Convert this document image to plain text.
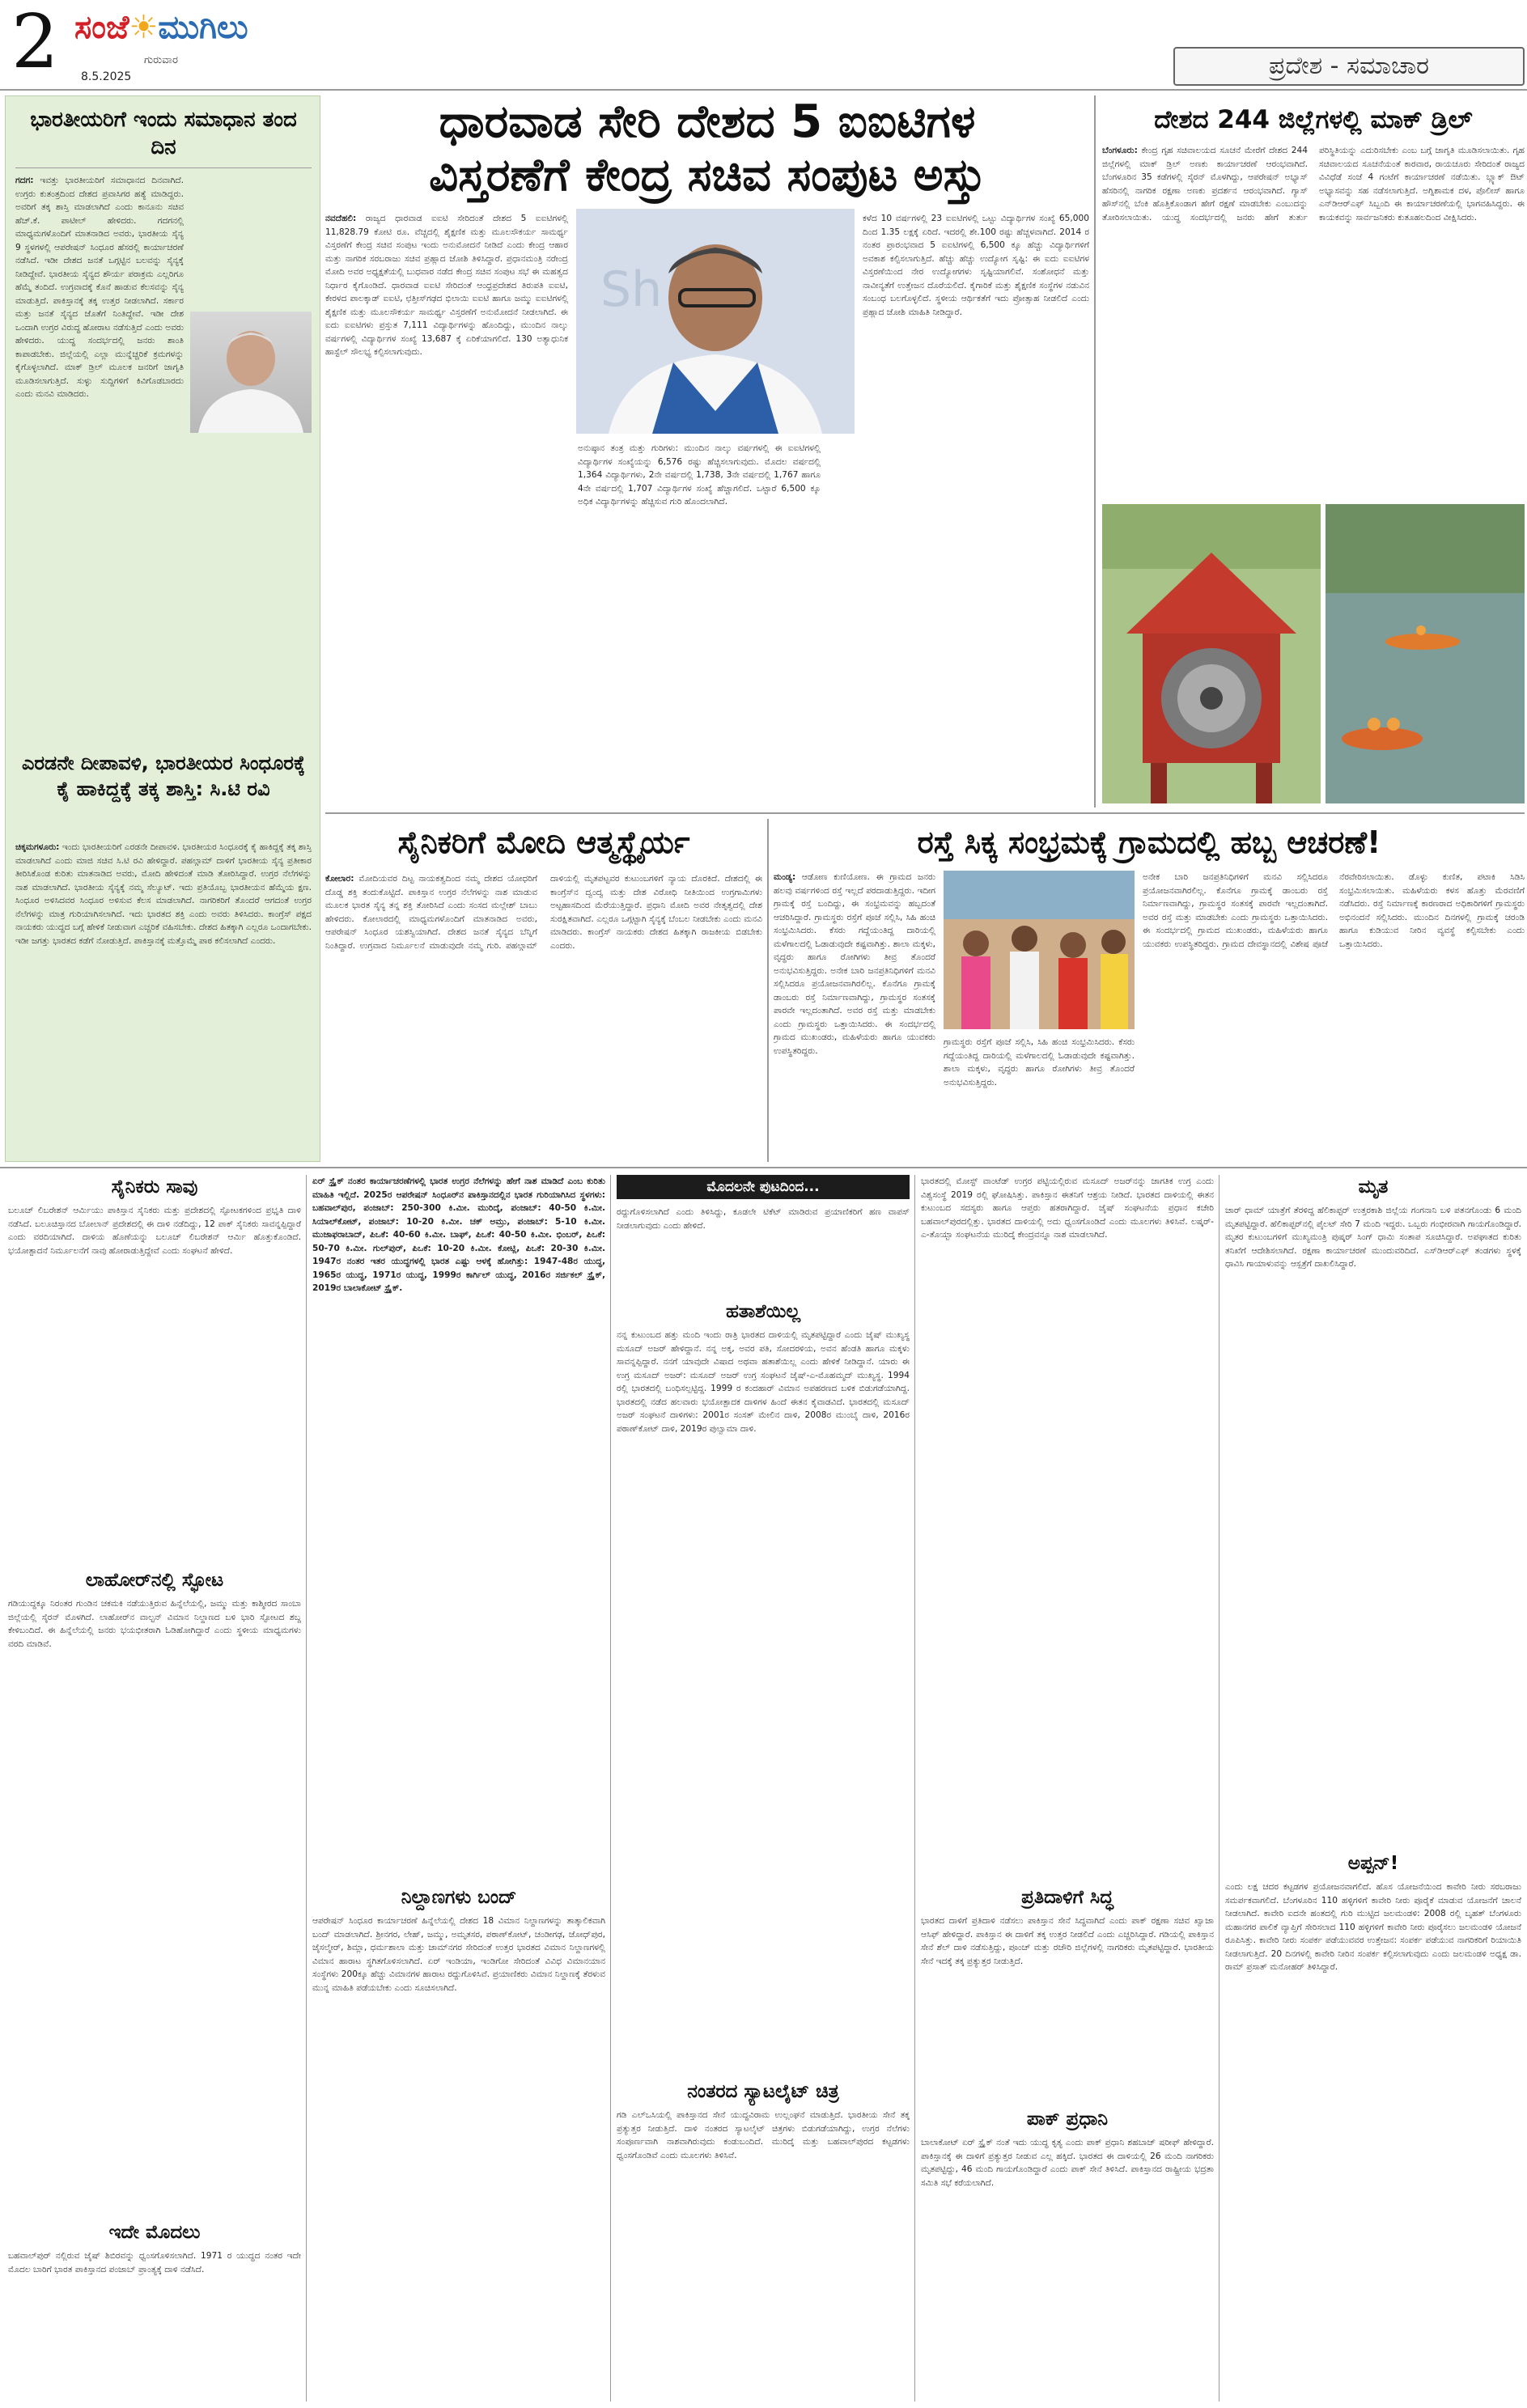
2 ಸಂಜೆ☀ಮುಗಿಲು
ಗುರುವಾರ
8.5.2025	ಪ್ರದೇಶ - ಸಮಾಚಾರ
ಭಾರತೀಯರಿಗೆ ಇಂದು ಸಮಾಧಾನ ತಂದ ದಿನ
ಗದಗ: ಇವತ್ತು ಭಾರತೀಯರಿಗೆ ಸಮಾಧಾನದ ದಿನವಾಗಿದೆ. ಉಗ್ರರು ಕುತಂತ್ರದಿಂದ ದೇಶದ ಪ್ರವಾಸಿಗರ ಹತ್ಯೆ ಮಾಡಿದ್ದರು. ಅವರಿಗೆ ತಕ್ಕ ಶಾಸ್ತಿ ಮಾಡಲಾಗಿದೆ ಎಂದು ಕಾನೂನು ಸಚಿವ ಹೆಚ್.ಕೆ. ಪಾಟೀಲ್ ಹೇಳಿದರು. ಗದಗನಲ್ಲಿ ಮಾಧ್ಯಮಗಳೊಂದಿಗೆ ಮಾತನಾಡಿದ ಅವರು, ಭಾರತೀಯ ಸೈನ್ಯ 9 ಸ್ಥಳಗಳಲ್ಲಿ ಆಪರೇಷನ್ ಸಿಂಧೂರ ಹೆಸರಲ್ಲಿ ಕಾರ್ಯಾಚರಣೆ ನಡೆಸಿದೆ. ಇಡೀ ದೇಶದ ಜನತೆ ಒಗ್ಗಟ್ಟಿನ ಬಲವನ್ನು ಸೈನ್ಯಕ್ಕೆ ನೀಡಿದ್ದೇವೆ. ಭಾರತೀಯ ಸೈನ್ಯದ ಶೌರ್ಯ ಪರಾಕ್ರಮ ಎಲ್ಲರಿಗೂ ಹೆಮ್ಮೆ ತಂದಿದೆ. ಉಗ್ರವಾದಕ್ಕೆ ಕೊನೆ ಹಾಡುವ ಕೆಲಸವನ್ನು ಸೈನ್ಯ ಮಾಡುತ್ತಿದೆ. ಪಾಕಿಸ್ತಾನಕ್ಕೆ ತಕ್ಕ ಉತ್ತರ ನೀಡಲಾಗಿದೆ. ಸರ್ಕಾರ ಮತ್ತು ಜನತೆ ಸೈನ್ಯದ ಜೊತೆಗೆ ನಿಂತಿದ್ದೇವೆ. ಇಡೀ ದೇಶ ಒಂದಾಗಿ ಉಗ್ರರ ವಿರುದ್ಧ ಹೋರಾಟ ನಡೆಸುತ್ತಿದೆ ಎಂದು ಅವರು ಹೇಳಿದರು. ಯುದ್ಧ ಸಂದರ್ಭದಲ್ಲಿ ಜನರು ಶಾಂತಿ ಕಾಪಾಡಬೇಕು. ಜಿಲ್ಲೆಯಲ್ಲಿ ಎಲ್ಲಾ ಮುನ್ನೆಚ್ಚರಿಕೆ ಕ್ರಮಗಳನ್ನು ಕೈಗೊಳ್ಳಲಾಗಿದೆ. ಮಾಕ್ ಡ್ರಿಲ್ ಮೂಲಕ ಜನರಿಗೆ ಜಾಗೃತಿ ಮೂಡಿಸಲಾಗುತ್ತಿದೆ. ಸುಳ್ಳು ಸುದ್ದಿಗಳಿಗೆ ಕಿವಿಗೊಡಬಾರದು ಎಂದು ಮನವಿ ಮಾಡಿದರು.
ಎರಡನೇ ದೀಪಾವಳಿ, ಭಾರತೀಯರ ಸಿಂಧೂರಕ್ಕೆ ಕೈ ಹಾಕಿದ್ದಕ್ಕೆ ತಕ್ಕ ಶಾಸ್ತಿ: ಸಿ.ಟಿ ರವಿ
ಚಿಕ್ಕಮಗಳೂರು: ಇಂದು ಭಾರತೀಯರಿಗೆ ಎರಡನೇ ದೀಪಾವಳಿ. ಭಾರತೀಯರ ಸಿಂಧೂರಕ್ಕೆ ಕೈ ಹಾಕಿದ್ದಕ್ಕೆ ತಕ್ಕ ಶಾಸ್ತಿ ಮಾಡಲಾಗಿದೆ ಎಂದು ಮಾಜಿ ಸಚಿವ ಸಿ.ಟಿ ರವಿ ಹೇಳಿದ್ದಾರೆ. ಪಹಲ್ಗಾಮ್ ದಾಳಿಗೆ ಭಾರತೀಯ ಸೈನ್ಯ ಪ್ರತೀಕಾರ ತೀರಿಸಿಕೊಂಡ ಕುರಿತು ಮಾತನಾಡಿದ ಅವರು, ಮೋದಿ ಹೇಳಿದಂತೆ ಮಾಡಿ ತೋರಿಸಿದ್ದಾರೆ. ಉಗ್ರರ ನೆಲೆಗಳನ್ನು ನಾಶ ಮಾಡಲಾಗಿದೆ. ಭಾರತೀಯ ಸೈನ್ಯಕ್ಕೆ ನಮ್ಮ ಸೆಲ್ಯೂಟ್. ಇದು ಪ್ರತಿಯೊಬ್ಬ ಭಾರತೀಯನ ಹೆಮ್ಮೆಯ ಕ್ಷಣ. ಸಿಂಧೂರ ಅಳಿಸಿದವರ ಸಿಂಧೂರ ಅಳಿಸುವ ಕೆಲಸ ಮಾಡಲಾಗಿದೆ. ನಾಗರಿಕರಿಗೆ ತೊಂದರೆ ಆಗದಂತೆ ಉಗ್ರರ ನೆಲೆಗಳನ್ನು ಮಾತ್ರ ಗುರಿಯಾಗಿಸಲಾಗಿದೆ. ಇದು ಭಾರತದ ಶಕ್ತಿ ಎಂದು ಅವರು ತಿಳಿಸಿದರು. ಕಾಂಗ್ರೆಸ್ ಪಕ್ಷದ ನಾಯಕರು ಯುದ್ಧದ ಬಗ್ಗೆ ಹೇಳಿಕೆ ನೀಡುವಾಗ ಎಚ್ಚರಿಕೆ ವಹಿಸಬೇಕು. ದೇಶದ ಹಿತಕ್ಕಾಗಿ ಎಲ್ಲರೂ ಒಂದಾಗಬೇಕು. ಇಡೀ ಜಗತ್ತು ಭಾರತದ ಕಡೆಗೆ ನೋಡುತ್ತಿದೆ. ಪಾಕಿಸ್ತಾನಕ್ಕೆ ಮತ್ತೊಮ್ಮೆ ಪಾಠ ಕಲಿಸಲಾಗಿದೆ ಎಂದರು.
ಧಾರವಾಡ ಸೇರಿ ದೇಶದ 5 ಐಐಟಿಗಳ
ವಿಸ್ತರಣೆಗೆ ಕೇಂದ್ರ ಸಚಿವ ಸಂಪುಟ ಅಸ್ತು
Sh
ನವದೆಹಲಿ: ರಾಜ್ಯದ ಧಾರವಾಡ ಐಐಟಿ ಸೇರಿದಂತೆ ದೇಶದ 5 ಐಐಟಿಗಳಲ್ಲಿ 11,828.79 ಕೋಟಿ ರೂ. ವೆಚ್ಚದಲ್ಲಿ ಶೈಕ್ಷಣಿಕ ಮತ್ತು ಮೂಲಸೌಕರ್ಯ ಸಾಮರ್ಥ್ಯ ವಿಸ್ತರಣೆಗೆ ಕೇಂದ್ರ ಸಚಿವ ಸಂಪುಟ ಇಂದು ಅನುಮೋದನೆ ನೀಡಿದೆ ಎಂದು ಕೇಂದ್ರ ಆಹಾರ ಮತ್ತು ನಾಗರಿಕ ಸರಬರಾಜು ಸಚಿವ ಪ್ರಹ್ಲಾದ ಜೋಶಿ ತಿಳಿಸಿದ್ದಾರೆ. ಪ್ರಧಾನಮಂತ್ರಿ ನರೇಂದ್ರ ಮೋದಿ ಅವರ ಅಧ್ಯಕ್ಷತೆಯಲ್ಲಿ ಬುಧವಾರ ನಡೆದ ಕೇಂದ್ರ ಸಚಿವ ಸಂಪುಟ ಸಭೆ ಈ ಮಹತ್ವದ ನಿರ್ಧಾರ ಕೈಗೊಂಡಿದೆ. ಧಾರವಾಡ ಐಐಟಿ ಸೇರಿದಂತೆ ಆಂಧ್ರಪ್ರದೇಶದ ತಿರುಪತಿ ಐಐಟಿ, ಕೇರಳದ ಪಾಲಕ್ಕಾಡ್ ಐಐಟಿ, ಛತ್ತೀಸ್‌ಗಢದ ಭಿಲಾಯಿ ಐಐಟಿ ಹಾಗೂ ಜಮ್ಮು ಐಐಟಿಗಳಲ್ಲಿ ಶೈಕ್ಷಣಿಕ ಮತ್ತು ಮೂಲಸೌಕರ್ಯ ಸಾಮರ್ಥ್ಯ ವಿಸ್ತರಣೆಗೆ ಅನುಮೋದನೆ ನೀಡಲಾಗಿದೆ. ಈ ಐದು ಐಐಟಿಗಳು ಪ್ರಸ್ತುತ 7,111 ವಿದ್ಯಾರ್ಥಿಗಳನ್ನು ಹೊಂದಿದ್ದು, ಮುಂದಿನ ನಾಲ್ಕು ವರ್ಷಗಳಲ್ಲಿ ವಿದ್ಯಾರ್ಥಿಗಳ ಸಂಖ್ಯೆ 13,687 ಕ್ಕೆ ಏರಿಕೆಯಾಗಲಿದೆ. 130 ಅತ್ಯಾಧುನಿಕ ಹಾಸ್ಟೆಲ್ ಸೌಲಭ್ಯ ಕಲ್ಪಿಸಲಾಗುವುದು.
ಅನುಷ್ಠಾನ ತಂತ್ರ ಮತ್ತು ಗುರಿಗಳು: ಮುಂದಿನ ನಾಲ್ಕು ವರ್ಷಗಳಲ್ಲಿ ಈ ಐಐಟಿಗಳಲ್ಲಿ ವಿದ್ಯಾರ್ಥಿಗಳ ಸಂಖ್ಯೆಯನ್ನು 6,576 ರಷ್ಟು ಹೆಚ್ಚಿಸಲಾಗುವುದು. ಮೊದಲ ವರ್ಷದಲ್ಲಿ 1,364 ವಿದ್ಯಾರ್ಥಿಗಳು, 2ನೇ ವರ್ಷದಲ್ಲಿ 1,738, 3ನೇ ವರ್ಷದಲ್ಲಿ 1,767 ಹಾಗೂ 4ನೇ ವರ್ಷದಲ್ಲಿ 1,707 ವಿದ್ಯಾರ್ಥಿಗಳ ಸಂಖ್ಯೆ ಹೆಚ್ಚಾಗಲಿದೆ. ಒಟ್ಟಾರೆ 6,500 ಕ್ಕೂ ಅಧಿಕ ವಿದ್ಯಾರ್ಥಿಗಳನ್ನು ಹೆಚ್ಚಿಸುವ ಗುರಿ ಹೊಂದಲಾಗಿದೆ.
ಕಳೆದ 10 ವರ್ಷಗಳಲ್ಲಿ 23 ಐಐಟಿಗಳಲ್ಲಿ ಒಟ್ಟು ವಿದ್ಯಾರ್ಥಿಗಳ ಸಂಖ್ಯೆ 65,000 ದಿಂದ 1.35 ಲಕ್ಷಕ್ಕೆ ಏರಿದೆ. ಇದರಲ್ಲಿ ಶೇ.100 ರಷ್ಟು ಹೆಚ್ಚಳವಾಗಿದೆ. 2014 ರ ನಂತರ ಪ್ರಾರಂಭವಾದ 5 ಐಐಟಿಗಳಲ್ಲಿ 6,500 ಕ್ಕೂ ಹೆಚ್ಚು ವಿದ್ಯಾರ್ಥಿಗಳಿಗೆ ಅವಕಾಶ ಕಲ್ಪಿಸಲಾಗುತ್ತಿದೆ. ಹೆಚ್ಚು ಹೆಚ್ಚು ಉದ್ಯೋಗ ಸೃಷ್ಟಿ: ಈ ಐದು ಐಐಟಿಗಳ ವಿಸ್ತರಣೆಯಿಂದ ನೇರ ಉದ್ಯೋಗಗಳು ಸೃಷ್ಟಿಯಾಗಲಿವೆ. ಸಂಶೋಧನೆ ಮತ್ತು ನಾವೀನ್ಯತೆಗೆ ಉತ್ತೇಜನ ದೊರೆಯಲಿದೆ. ಕೈಗಾರಿಕೆ ಮತ್ತು ಶೈಕ್ಷಣಿಕ ಸಂಸ್ಥೆಗಳ ನಡುವಿನ ಸಂಬಂಧ ಬಲಗೊಳ್ಳಲಿದೆ. ಸ್ಥಳೀಯ ಆರ್ಥಿಕತೆಗೆ ಇದು ಪ್ರೋತ್ಸಾಹ ನೀಡಲಿದೆ ಎಂದು ಪ್ರಹ್ಲಾದ ಜೋಶಿ ಮಾಹಿತಿ ನೀಡಿದ್ದಾರೆ.
ದೇಶದ 244 ಜಿಲ್ಲೆಗಳಲ್ಲಿ ಮಾಕ್ ಡ್ರಿಲ್
ಬೆಂಗಳೂರು: ಕೇಂದ್ರ ಗೃಹ ಸಚಿವಾಲಯದ ಸೂಚನೆ ಮೇರೆಗೆ ದೇಶದ 244 ಜಿಲ್ಲೆಗಳಲ್ಲಿ ಮಾಕ್ ಡ್ರಿಲ್ ಅಣಕು ಕಾರ್ಯಾಚರಣೆ ಆರಂಭವಾಗಿದೆ. ಬೆಂಗಳೂರಿನ 35 ಕಡೆಗಳಲ್ಲಿ ಸೈರನ್ ಮೊಳಗಿದ್ದು, ಆಪರೇಷನ್ ಅಭ್ಯಾಸ್ ಹೆಸರಿನಲ್ಲಿ ನಾಗರಿಕ ರಕ್ಷಣಾ ಅಣಕು ಪ್ರದರ್ಶನ ಆರಂಭವಾಗಿದೆ. ಗ್ಯಾಸ್ ಹೌಸ್‌ನಲ್ಲಿ ಬೆಂಕಿ ಹೊತ್ತಿಕೊಂಡಾಗ ಹೇಗೆ ರಕ್ಷಣೆ ಮಾಡಬೇಕು ಎಂಬುದನ್ನು ತೋರಿಸಲಾಯಿತು. ಯುದ್ಧ ಸಂದರ್ಭದಲ್ಲಿ ಜನರು ಹೇಗೆ ತುರ್ತು ಪರಿಸ್ಥಿತಿಯನ್ನು ಎದುರಿಸಬೇಕು ಎಂಬ ಬಗ್ಗೆ ಜಾಗೃತಿ ಮೂಡಿಸಲಾಯಿತು. ಗೃಹ ಸಚಿವಾಲಯದ ಸೂಚನೆಯಂತೆ ಕಾರವಾರ, ರಾಯಚೂರು ಸೇರಿದಂತೆ ರಾಜ್ಯದ ವಿವಿಧೆಡೆ ಸಂಜೆ 4 ಗಂಟೆಗೆ ಕಾರ್ಯಾಚರಣೆ ನಡೆಯಿತು. ಬ್ಲ್ಯಾಕ್ ಔಟ್ ಅಭ್ಯಾಸವನ್ನು ಸಹ ನಡೆಸಲಾಗುತ್ತಿದೆ. ಅಗ್ನಿಶಾಮಕ ದಳ, ಪೊಲೀಸ್ ಹಾಗೂ ಎನ್‌ಡಿಆರ್‌ಎಫ್ ಸಿಬ್ಬಂದಿ ಈ ಕಾರ್ಯಾಚರಣೆಯಲ್ಲಿ ಭಾಗವಹಿಸಿದ್ದರು. ಈ ಕಾಯಕವನ್ನು ಸಾರ್ವಜನಿಕರು ಕುತೂಹಲದಿಂದ ವೀಕ್ಷಿಸಿದರು.
ಸೈನಿಕರಿಗೆ ಮೋದಿ ಆತ್ಮಸ್ಥೈರ್ಯ
ಕೋಲಾರ: ಮೋದಿಯವರ ದಿಟ್ಟ ನಾಯಕತ್ವದಿಂದ ನಮ್ಮ ದೇಶದ ಯೋಧರಿಗೆ ದೊಡ್ಡ ಶಕ್ತಿ ತಂದುಕೊಟ್ಟಿದೆ. ಪಾಕಿಸ್ತಾನ ಉಗ್ರರ ನೆಲೆಗಳನ್ನು ನಾಶ ಮಾಡುವ ಮೂಲಕ ಭಾರತ ಸೈನ್ಯ ತನ್ನ ಶಕ್ತಿ ತೋರಿಸಿದೆ ಎಂದು ಸಂಸದ ಮಲ್ಲೇಶ್ ಬಾಬು ಹೇಳಿದರು. ಕೋಲಾರದಲ್ಲಿ ಮಾಧ್ಯಮಗಳೊಂದಿಗೆ ಮಾತನಾಡಿದ ಅವರು, ಆಪರೇಷನ್ ಸಿಂಧೂರ ಯಶಸ್ವಿಯಾಗಿದೆ. ದೇಶದ ಜನತೆ ಸೈನ್ಯದ ಬೆನ್ನಿಗೆ ನಿಂತಿದ್ದಾರೆ. ಉಗ್ರವಾದ ನಿರ್ಮೂಲನೆ ಮಾಡುವುದೇ ನಮ್ಮ ಗುರಿ. ಪಹಲ್ಗಾಮ್ ದಾಳಿಯಲ್ಲಿ ಮೃತಪಟ್ಟವರ ಕುಟುಂಬಗಳಿಗೆ ನ್ಯಾಯ ದೊರಕಿದೆ. ದೇಶದಲ್ಲಿ ಈ ಕಾಂಗ್ರೆಸ್‌ನ ದ್ವಂದ್ವ ಮತ್ತು ದೇಶ ವಿರೋಧಿ ನೀತಿಯಿಂದ ಉಗ್ರಗಾಮಿಗಳು ಅಟ್ಟಹಾಸದಿಂದ ಮೆರೆಯುತ್ತಿದ್ದಾರೆ. ಪ್ರಧಾನಿ ಮೋದಿ ಅವರ ನೇತೃತ್ವದಲ್ಲಿ ದೇಶ ಸುರಕ್ಷಿತವಾಗಿದೆ. ಎಲ್ಲರೂ ಒಗ್ಗಟ್ಟಾಗಿ ಸೈನ್ಯಕ್ಕೆ ಬೆಂಬಲ ನೀಡಬೇಕು ಎಂದು ಮನವಿ ಮಾಡಿದರು. ಕಾಂಗ್ರೆಸ್ ನಾಯಕರು ದೇಶದ ಹಿತಕ್ಕಾಗಿ ರಾಜಕೀಯ ಬಿಡಬೇಕು ಎಂದರು.
ರಸ್ತೆ ಸಿಕ್ಕ ಸಂಭ್ರಮಕ್ಕೆ ಗ್ರಾಮದಲ್ಲಿ ಹಬ್ಬ ಆಚರಣೆ!
ಮಂಡ್ಯ: ಆಡೋಣ ಕುಣಿಯೋಣ. ಈ ಗ್ರಾಮದ ಜನರು ಹಲವು ವರ್ಷಗಳಿಂದ ರಸ್ತೆ ಇಲ್ಲದೆ ಪರದಾಡುತ್ತಿದ್ದರು. ಇದೀಗ ಗ್ರಾಮಕ್ಕೆ ರಸ್ತೆ ಬಂದಿದ್ದು, ಈ ಸಂಭ್ರಮವನ್ನು ಹಬ್ಬದಂತೆ ಆಚರಿಸಿದ್ದಾರೆ. ಗ್ರಾಮಸ್ಥರು ರಸ್ತೆಗೆ ಪೂಜೆ ಸಲ್ಲಿಸಿ, ಸಿಹಿ ಹಂಚಿ ಸಂಭ್ರಮಿಸಿದರು. ಕೆಸರು ಗದ್ದೆಯಂತಿದ್ದ ದಾರಿಯಲ್ಲಿ ಮಳೆಗಾಲದಲ್ಲಿ ಓಡಾಡುವುದೇ ಕಷ್ಟವಾಗಿತ್ತು. ಶಾಲಾ ಮಕ್ಕಳು, ವೃದ್ಧರು ಹಾಗೂ ರೋಗಿಗಳು ತೀವ್ರ ತೊಂದರೆ ಅನುಭವಿಸುತ್ತಿದ್ದರು. ಅನೇಕ ಬಾರಿ ಜನಪ್ರತಿನಿಧಿಗಳಿಗೆ ಮನವಿ ಸಲ್ಲಿಸಿದರೂ ಪ್ರಯೋಜನವಾಗಿರಲಿಲ್ಲ. ಕೊನೆಗೂ ಗ್ರಾಮಕ್ಕೆ ಡಾಂಬರು ರಸ್ತೆ ನಿರ್ಮಾಣವಾಗಿದ್ದು, ಗ್ರಾಮಸ್ಥರ ಸಂತಸಕ್ಕೆ ಪಾರವೇ ಇಲ್ಲದಂತಾಗಿದೆ. ಅವರ ರಸ್ತೆ ಮತ್ತು ಮಾಡಬೇಕು ಎಂದು ಗ್ರಾಮಸ್ಥರು ಒತ್ತಾಯಿಸಿದರು. ಈ ಸಂದರ್ಭದಲ್ಲಿ ಗ್ರಾಮದ ಮುಖಂಡರು, ಮಹಿಳೆಯರು ಹಾಗೂ ಯುವಕರು ಉಪಸ್ಥಿತರಿದ್ದರು.
ಗ್ರಾಮಸ್ಥರು ರಸ್ತೆಗೆ ಪೂಜೆ ಸಲ್ಲಿಸಿ, ಸಿಹಿ ಹಂಚಿ ಸಂಭ್ರಮಿಸಿದರು. ಕೆಸರು ಗದ್ದೆಯಂತಿದ್ದ ದಾರಿಯಲ್ಲಿ ಮಳೆಗಾಲದಲ್ಲಿ ಓಡಾಡುವುದೇ ಕಷ್ಟವಾಗಿತ್ತು. ಶಾಲಾ ಮಕ್ಕಳು, ವೃದ್ಧರು ಹಾಗೂ ರೋಗಿಗಳು ತೀವ್ರ ತೊಂದರೆ ಅನುಭವಿಸುತ್ತಿದ್ದರು.
ಅನೇಕ ಬಾರಿ ಜನಪ್ರತಿನಿಧಿಗಳಿಗೆ ಮನವಿ ಸಲ್ಲಿಸಿದರೂ ಪ್ರಯೋಜನವಾಗಿರಲಿಲ್ಲ. ಕೊನೆಗೂ ಗ್ರಾಮಕ್ಕೆ ಡಾಂಬರು ರಸ್ತೆ ನಿರ್ಮಾಣವಾಗಿದ್ದು, ಗ್ರಾಮಸ್ಥರ ಸಂತಸಕ್ಕೆ ಪಾರವೇ ಇಲ್ಲದಂತಾಗಿದೆ. ಅವರ ರಸ್ತೆ ಮತ್ತು ಮಾಡಬೇಕು ಎಂದು ಗ್ರಾಮಸ್ಥರು ಒತ್ತಾಯಿಸಿದರು. ಈ ಸಂದರ್ಭದಲ್ಲಿ ಗ್ರಾಮದ ಮುಖಂಡರು, ಮಹಿಳೆಯರು ಹಾಗೂ ಯುವಕರು ಉಪಸ್ಥಿತರಿದ್ದರು. ಗ್ರಾಮದ ದೇವಸ್ಥಾನದಲ್ಲಿ ವಿಶೇಷ ಪೂಜೆ ನೆರವೇರಿಸಲಾಯಿತು. ಡೊಳ್ಳು ಕುಣಿತ, ಪಟಾಕಿ ಸಿಡಿಸಿ ಸಂಭ್ರಮಿಸಲಾಯಿತು. ಮಹಿಳೆಯರು ಕಳಸ ಹೊತ್ತು ಮೆರವಣಿಗೆ ನಡೆಸಿದರು. ರಸ್ತೆ ನಿರ್ಮಾಣಕ್ಕೆ ಕಾರಣರಾದ ಅಧಿಕಾರಿಗಳಿಗೆ ಗ್ರಾಮಸ್ಥರು ಅಭಿನಂದನೆ ಸಲ್ಲಿಸಿದರು. ಮುಂದಿನ ದಿನಗಳಲ್ಲಿ ಗ್ರಾಮಕ್ಕೆ ಚರಂಡಿ ಹಾಗೂ ಕುಡಿಯುವ ನೀರಿನ ವ್ಯವಸ್ಥೆ ಕಲ್ಪಿಸಬೇಕು ಎಂದು ಒತ್ತಾಯಿಸಿದರು.
ಸೈನಿಕರು ಸಾವು
ಬಲೂಚ್ ಲಿಬರೇಶನ್ ಆರ್ಮಿಯು ಪಾಕಿಸ್ತಾನ ಸೈನಿಕರು ಮತ್ತು ಪ್ರದೇಶದಲ್ಲಿ ಸ್ಫೋಟಕಗಳಿಂದ ಪ್ರಭೃತಿ ದಾಳಿ ನಡೆಸಿದೆ. ಬಲೂಚಿಸ್ತಾನದ ಬೋಲಾನ್ ಪ್ರದೇಶದಲ್ಲಿ ಈ ದಾಳಿ ನಡೆದಿದ್ದು, 12 ಪಾಕ್ ಸೈನಿಕರು ಸಾವನ್ನಪ್ಪಿದ್ದಾರೆ ಎಂದು ವರದಿಯಾಗಿದೆ. ದಾಳಿಯ ಹೊಣೆಯನ್ನು ಬಲೂಚ್ ಲಿಬರೇಶನ್ ಆರ್ಮಿ ಹೊತ್ತುಕೊಂಡಿದೆ. ಭಯೋತ್ಪಾದನೆ ನಿರ್ಮೂಲನೆಗೆ ನಾವು ಹೋರಾಡುತ್ತಿದ್ದೇವೆ ಎಂದು ಸಂಘಟನೆ ಹೇಳಿದೆ.
ಲಾಹೋರ್‌ನಲ್ಲಿ ಸ್ಫೋಟ
ಗಡಿಯುದ್ದಕ್ಕೂ ನಿರಂತರ ಗುಂಡಿನ ಚಕಮಕಿ ನಡೆಯುತ್ತಿರುವ ಹಿನ್ನೆಲೆಯಲ್ಲಿ, ಜಮ್ಮು ಮತ್ತು ಕಾಶ್ಮೀರದ ಸಾಂಬಾ ಜಿಲ್ಲೆಯಲ್ಲಿ ಸೈರನ್ ಮೊಳಗಿದೆ. ಲಾಹೋರ್‌ನ ವಾಲ್ಟನ್ ವಿಮಾನ ನಿಲ್ದಾಣದ ಬಳಿ ಭಾರಿ ಸ್ಫೋಟದ ಶಬ್ದ ಕೇಳಿಬಂದಿದೆ. ಈ ಹಿನ್ನೆಲೆಯಲ್ಲಿ ಜನರು ಭಯಭೀತರಾಗಿ ಓಡಿಹೋಗಿದ್ದಾರೆ ಎಂದು ಸ್ಥಳೀಯ ಮಾಧ್ಯಮಗಳು ವರದಿ ಮಾಡಿವೆ.
ಇದೇ ಮೊದಲು
ಬಹವಾಲ್‌ಪುರ್ ನಲ್ಲಿರುವ ಜೈಷ್ ಶಿಬಿರವನ್ನು ಧ್ವಂಸಗೊಳಿಸಲಾಗಿದೆ. 1971 ರ ಯುದ್ಧದ ನಂತರ ಇದೇ ಮೊದಲ ಬಾರಿಗೆ ಭಾರತ ಪಾಕಿಸ್ತಾನದ ಪಂಜಾಬ್ ಪ್ರಾಂತ್ಯಕ್ಕೆ ದಾಳಿ ನಡೆಸಿದೆ.
ಏರ್ ಸ್ಟ್ರೈಕ್ ನಂತರ ಕಾರ್ಯಾಚರಣೆಗಳಲ್ಲಿ ಭಾರತ ಉಗ್ರರ ನೆಲೆಗಳನ್ನು ಹೇಗೆ ನಾಶ ಮಾಡಿದೆ ಎಂಬ ಕುರಿತು ಮಾಹಿತಿ ಇಲ್ಲಿದೆ. 2025ರ ಆಪರೇಷನ್ ಸಿಂಧೂರ್‌ನ ಪಾಕಿಸ್ತಾನದಲ್ಲಿನ ಭಾರತ ಗುರಿಯಾಗಿಸಿದ ಸ್ಥಳಗಳು: ಬಹವಾಲ್‌ಪುರ, ಪಂಜಾಬ್: 250-300 ಕಿ.ಮೀ. ಮುರಿದ್ಕೆ, ಪಂಜಾಬ್: 40-50 ಕಿ.ಮೀ. ಸಿಯಾಲ್‌ಕೋಟ್, ಪಂಜಾಬ್: 10-20 ಕಿ.ಮೀ. ಚಕ್ ಅಮ್ರು, ಪಂಜಾಬ್: 5-10 ಕಿ.ಮೀ. ಮುಜಾಫರಾಬಾದ್, ಪಿಒಕೆ: 40-60 ಕಿ.ಮೀ. ಬಾಘ್, ಪಿಒಕೆ: 40-50 ಕಿ.ಮೀ. ಭಿಂಬರ್, ಪಿಒಕೆ: 50-70 ಕಿ.ಮೀ. ಗುಲ್‌ಪುರ್, ಪಿಒಕೆ: 10-20 ಕಿ.ಮೀ. ಕೋಟ್ಲಿ, ಪಿಒಕೆ: 20-30 ಕಿ.ಮೀ. 1947ರ ನಂತರ ಇತರ ಯುದ್ಧಗಳಲ್ಲಿ ಭಾರತ ಎಷ್ಟು ಆಳಕ್ಕೆ ಹೋಗಿತ್ತು: 1947-48ರ ಯುದ್ಧ, 1965ರ ಯುದ್ಧ, 1971ರ ಯುದ್ಧ, 1999ರ ಕಾರ್ಗಿಲ್ ಯುದ್ಧ, 2016ರ ಸರ್ಜಿಕಲ್ ಸ್ಟ್ರೈಕ್, 2019ರ ಬಾಲಾಕೋಟ್ ಸ್ಟ್ರೈಕ್.
ನಿಲ್ದಾಣಗಳು ಬಂದ್
ಆಪರೇಷನ್ ಸಿಂಧೂರ ಕಾರ್ಯಾಚರಣೆ ಹಿನ್ನೆಲೆಯಲ್ಲಿ ದೇಶದ 18 ವಿಮಾನ ನಿಲ್ದಾಣಗಳನ್ನು ತಾತ್ಕಾಲಿಕವಾಗಿ ಬಂದ್ ಮಾಡಲಾಗಿದೆ. ಶ್ರೀನಗರ, ಲೇಹ್, ಜಮ್ಮು, ಅಮೃತಸರ, ಪಠಾಣ್‌ಕೋಟ್, ಚಂಡೀಗಢ, ಜೋಧ್‌ಪುರ, ಜೈಸಲ್ಮೇರ್, ಶಿಮ್ಲಾ, ಧರ್ಮಶಾಲಾ ಮತ್ತು ಜಾಮ್‌ನಗರ ಸೇರಿದಂತೆ ಉತ್ತರ ಭಾರತದ ವಿಮಾನ ನಿಲ್ದಾಣಗಳಲ್ಲಿ ವಿಮಾನ ಹಾರಾಟ ಸ್ಥಗಿತಗೊಳಿಸಲಾಗಿದೆ. ಏರ್ ಇಂಡಿಯಾ, ಇಂಡಿಗೋ ಸೇರಿದಂತೆ ವಿವಿಧ ವಿಮಾನಯಾನ ಸಂಸ್ಥೆಗಳು 200ಕ್ಕೂ ಹೆಚ್ಚು ವಿಮಾನಗಳ ಹಾರಾಟ ರದ್ದುಗೊಳಿಸಿವೆ. ಪ್ರಯಾಣಿಕರು ವಿಮಾನ ನಿಲ್ದಾಣಕ್ಕೆ ತೆರಳುವ ಮುನ್ನ ಮಾಹಿತಿ ಪಡೆಯಬೇಕು ಎಂದು ಸೂಚಿಸಲಾಗಿದೆ.
ಮೊದಲನೇ ಪುಟದಿಂದ...
ರದ್ದುಗೊಳಿಸಲಾಗಿದೆ ಎಂದು ತಿಳಿಸಿದ್ದು, ಕೂಡಲೇ ಟಿಕೆಟ್ ಮಾಡಿರುವ ಪ್ರಯಾಣಿಕರಿಗೆ ಹಣ ವಾಪಸ್ ನೀಡಲಾಗುವುದು ಎಂದು ಹೇಳಿದೆ.
ಹತಾಶೆಯಿಲ್ಲ
ನನ್ನ ಕುಟುಂಬದ ಹತ್ತು ಮಂದಿ ಇಂದು ರಾತ್ರಿ ಭಾರತದ ದಾಳಿಯಲ್ಲಿ ಮೃತಪಟ್ಟಿದ್ದಾರೆ ಎಂದು ಜೈಷ್ ಮುಖ್ಯಸ್ಥ ಮಸೂದ್ ಅಜರ್ ಹೇಳಿದ್ದಾನೆ. ನನ್ನ ಅಕ್ಕ, ಅವರ ಪತಿ, ಸೋದರಳಿಯ, ಅವನ ಹೆಂಡತಿ ಹಾಗೂ ಮಕ್ಕಳು ಸಾವನ್ನಪ್ಪಿದ್ದಾರೆ. ನನಗೆ ಯಾವುದೇ ವಿಷಾದ ಅಥವಾ ಹತಾಶೆಯಿಲ್ಲ ಎಂದು ಹೇಳಿಕೆ ನೀಡಿದ್ದಾನೆ. ಯಾರು ಈ ಉಗ್ರ ಮಸೂದ್ ಅಜರ್: ಮಸೂದ್ ಅಜರ್ ಉಗ್ರ ಸಂಘಟನೆ ಜೈಷ್-ಎ-ಮೊಹಮ್ಮದ್ ಮುಖ್ಯಸ್ಥ. 1994 ರಲ್ಲಿ ಭಾರತದಲ್ಲಿ ಬಂಧಿಸಲ್ಪಟ್ಟಿದ್ದ. 1999 ರ ಕಂದಹಾರ್ ವಿಮಾನ ಅಪಹರಣದ ಬಳಿಕ ಬಿಡುಗಡೆಯಾಗಿದ್ದ. ಭಾರತದಲ್ಲಿ ನಡೆದ ಹಲವಾರು ಭಯೋತ್ಪಾದಕ ದಾಳಿಗಳ ಹಿಂದೆ ಈತನ ಕೈವಾಡವಿದೆ. ಭಾರತದಲ್ಲಿ ಮಸೂದ್ ಅಜರ್ ಸಂಘಟನೆ ದಾಳಿಗಳು: 2001ರ ಸಂಸತ್ ಮೇಲಿನ ದಾಳಿ, 2008ರ ಮುಂಬೈ ದಾಳಿ, 2016ರ ಪಠಾಣ್‌ಕೋಟ್ ದಾಳಿ, 2019ರ ಪುಲ್ವಾಮಾ ದಾಳಿ.
ನಂತರದ ಸ್ಯಾಟಲೈಟ್ ಚಿತ್ರ
ಗಡಿ ಎಲ್‌ಒಸಿಯಲ್ಲಿ ಪಾಕಿಸ್ತಾನದ ಸೇನೆ ಯುದ್ಧವಿರಾಮ ಉಲ್ಲಂಘನೆ ಮಾಡುತ್ತಿದೆ. ಭಾರತೀಯ ಸೇನೆ ತಕ್ಕ ಪ್ರತ್ಯುತ್ತರ ನೀಡುತ್ತಿದೆ. ದಾಳಿ ನಂತರದ ಸ್ಯಾಟಲೈಟ್ ಚಿತ್ರಗಳು ಬಿಡುಗಡೆಯಾಗಿದ್ದು, ಉಗ್ರರ ನೆಲೆಗಳು ಸಂಪೂರ್ಣವಾಗಿ ನಾಶವಾಗಿರುವುದು ಕಂಡುಬಂದಿದೆ. ಮುರಿದ್ಕೆ ಮತ್ತು ಬಹವಾಲ್‌ಪುರದ ಕಟ್ಟಡಗಳು ಧ್ವಂಸಗೊಂಡಿವೆ ಎಂದು ಮೂಲಗಳು ತಿಳಿಸಿವೆ.
ಭಾರತದಲ್ಲಿ ಮೋಸ್ಟ್ ವಾಂಟೆಡ್ ಉಗ್ರರ ಪಟ್ಟಿಯಲ್ಲಿರುವ ಮಸೂದ್ ಅಜರ್‌ನನ್ನು ಜಾಗತಿಕ ಉಗ್ರ ಎಂದು ವಿಶ್ವಸಂಸ್ಥೆ 2019 ರಲ್ಲಿ ಘೋಷಿಸಿತ್ತು. ಪಾಕಿಸ್ತಾನ ಈತನಿಗೆ ಆಶ್ರಯ ನೀಡಿದೆ. ಭಾರತದ ದಾಳಿಯಲ್ಲಿ ಈತನ ಕುಟುಂಬದ ಸದಸ್ಯರು ಹಾಗೂ ಆಪ್ತರು ಹತರಾಗಿದ್ದಾರೆ. ಜೈಷ್ ಸಂಘಟನೆಯ ಪ್ರಧಾನ ಕಚೇರಿ ಬಹವಾಲ್‌ಪುರದಲ್ಲಿತ್ತು. ಭಾರತದ ದಾಳಿಯಲ್ಲಿ ಅದು ಧ್ವಂಸಗೊಂಡಿದೆ ಎಂದು ಮೂಲಗಳು ತಿಳಿಸಿವೆ. ಲಷ್ಕರ್-ಎ-ತೊಯ್ಬಾ ಸಂಘಟನೆಯ ಮುರಿದ್ಕೆ ಕೇಂದ್ರವನ್ನೂ ನಾಶ ಮಾಡಲಾಗಿದೆ.
ಪ್ರತಿದಾಳಿಗೆ ಸಿದ್ಧ
ಭಾರತದ ದಾಳಿಗೆ ಪ್ರತಿದಾಳಿ ನಡೆಸಲು ಪಾಕಿಸ್ತಾನ ಸೇನೆ ಸಿದ್ಧವಾಗಿದೆ ಎಂದು ಪಾಕ್ ರಕ್ಷಣಾ ಸಚಿವ ಖ್ವಾಜಾ ಆಸಿಫ್ ಹೇಳಿದ್ದಾರೆ. ಪಾಕಿಸ್ತಾನ ಈ ದಾಳಿಗೆ ತಕ್ಕ ಉತ್ತರ ನೀಡಲಿದೆ ಎಂದು ಎಚ್ಚರಿಸಿದ್ದಾರೆ. ಗಡಿಯಲ್ಲಿ ಪಾಕಿಸ್ತಾನ ಸೇನೆ ಶೆಲ್ ದಾಳಿ ನಡೆಸುತ್ತಿದ್ದು, ಪೂಂಚ್ ಮತ್ತು ರಜೌರಿ ಜಿಲ್ಲೆಗಳಲ್ಲಿ ನಾಗರಿಕರು ಮೃತಪಟ್ಟಿದ್ದಾರೆ. ಭಾರತೀಯ ಸೇನೆ ಇದಕ್ಕೆ ತಕ್ಕ ಪ್ರತ್ಯುತ್ತರ ನೀಡುತ್ತಿದೆ.
ಪಾಕ್ ಪ್ರಧಾನಿ
ಬಾಲಾಕೋಟ್ ಏರ್ ಸ್ಟ್ರೈಕ್ ನಂತೆ ಇದು ಯುದ್ಧ ಕೃತ್ಯ ಎಂದು ಪಾಕ್ ಪ್ರಧಾನಿ ಶಹಬಾಜ್ ಷರೀಫ್ ಹೇಳಿದ್ದಾರೆ. ಪಾಕಿಸ್ತಾನಕ್ಕೆ ಈ ದಾಳಿಗೆ ಪ್ರತ್ಯುತ್ತರ ನೀಡುವ ಎಲ್ಲ ಹಕ್ಕಿದೆ. ಭಾರತದ ಈ ದಾಳಿಯಲ್ಲಿ 26 ಮಂದಿ ನಾಗರಿಕರು ಮೃತಪಟ್ಟಿದ್ದು, 46 ಮಂದಿ ಗಾಯಗೊಂಡಿದ್ದಾರೆ ಎಂದು ಪಾಕ್ ಸೇನೆ ತಿಳಿಸಿದೆ. ಪಾಕಿಸ್ತಾನದ ರಾಷ್ಟ್ರೀಯ ಭದ್ರತಾ ಸಮಿತಿ ಸಭೆ ಕರೆಯಲಾಗಿದೆ.
ಮೃತ
ಚಾರ್ ಧಾಮ್ ಯಾತ್ರೆಗೆ ತೆರಳಿದ್ದ ಹೆಲಿಕಾಪ್ಟರ್ ಉತ್ತರಕಾಶಿ ಜಿಲ್ಲೆಯ ಗಂಗನಾನಿ ಬಳಿ ಪತನಗೊಂಡು 6 ಮಂದಿ ಮೃತಪಟ್ಟಿದ್ದಾರೆ. ಹೆಲಿಕಾಪ್ಟರ್‌ನಲ್ಲಿ ಪೈಲಟ್ ಸೇರಿ 7 ಮಂದಿ ಇದ್ದರು. ಒಬ್ಬರು ಗಂಭೀರವಾಗಿ ಗಾಯಗೊಂಡಿದ್ದಾರೆ. ಮೃತರ ಕುಟುಂಬಗಳಿಗೆ ಮುಖ್ಯಮಂತ್ರಿ ಪುಷ್ಕರ್ ಸಿಂಗ್ ಧಾಮಿ ಸಂತಾಪ ಸೂಚಿಸಿದ್ದಾರೆ. ಅಪಘಾತದ ಕುರಿತು ತನಿಖೆಗೆ ಆದೇಶಿಸಲಾಗಿದೆ. ರಕ್ಷಣಾ ಕಾರ್ಯಾಚರಣೆ ಮುಂದುವರಿದಿದೆ. ಎಸ್‌ಡಿಆರ್‌ಎಫ್ ತಂಡಗಳು ಸ್ಥಳಕ್ಕೆ ಧಾವಿಸಿ ಗಾಯಾಳುವನ್ನು ಆಸ್ಪತ್ರೆಗೆ ದಾಖಲಿಸಿದ್ದಾರೆ.
ಅಪ್ಪನ್!
ಎಂದು ಲಕ್ಷ ಚದರ ಕಟ್ಟಡಗಳ ಪ್ರಯೋಜನವಾಗಲಿದೆ. ಹೊಸ ಯೋಜನೆಯಿಂದ ಕಾವೇರಿ ನೀರು ಸರಬರಾಜು ಸಮರ್ಪಕವಾಗಲಿದೆ. ಬೆಂಗಳೂರಿನ 110 ಹಳ್ಳಿಗಳಿಗೆ ಕಾವೇರಿ ನೀರು ಪೂರೈಕೆ ಮಾಡುವ ಯೋಜನೆಗೆ ಚಾಲನೆ ನೀಡಲಾಗಿದೆ. ಕಾವೇರಿ ಐದನೇ ಹಂತದಲ್ಲಿ ಗುರಿ ಮುಟ್ಟಿದ ಜಲಮಂಡಳಿ: 2008 ರಲ್ಲಿ ಬೃಹತ್ ಬೆಂಗಳೂರು ಮಹಾನಗರ ಪಾಲಿಕೆ ವ್ಯಾಪ್ತಿಗೆ ಸೇರಿಸಲಾದ 110 ಹಳ್ಳಿಗಳಿಗೆ ಕಾವೇರಿ ನೀರು ಪೂರೈಸಲು ಜಲಮಂಡಳಿ ಯೋಜನೆ ರೂಪಿಸಿತ್ತು. ಕಾವೇರಿ ನೀರು ಸಂಪರ್ಕ ಪಡೆಯುವವರ ಉತ್ತೇಜನ: ಸಂಪರ್ಕ ಪಡೆಯುವ ನಾಗರಿಕರಿಗೆ ರಿಯಾಯಿತಿ ನೀಡಲಾಗುತ್ತಿದೆ. 20 ದಿನಗಳಲ್ಲಿ ಕಾವೇರಿ ನೀರಿನ ಸಂಪರ್ಕ ಕಲ್ಪಿಸಲಾಗುವುದು ಎಂದು ಜಲಮಂಡಳಿ ಅಧ್ಯಕ್ಷ ಡಾ. ರಾಮ್ ಪ್ರಸಾತ್ ಮನೋಹರ್ ತಿಳಿಸಿದ್ದಾರೆ.
